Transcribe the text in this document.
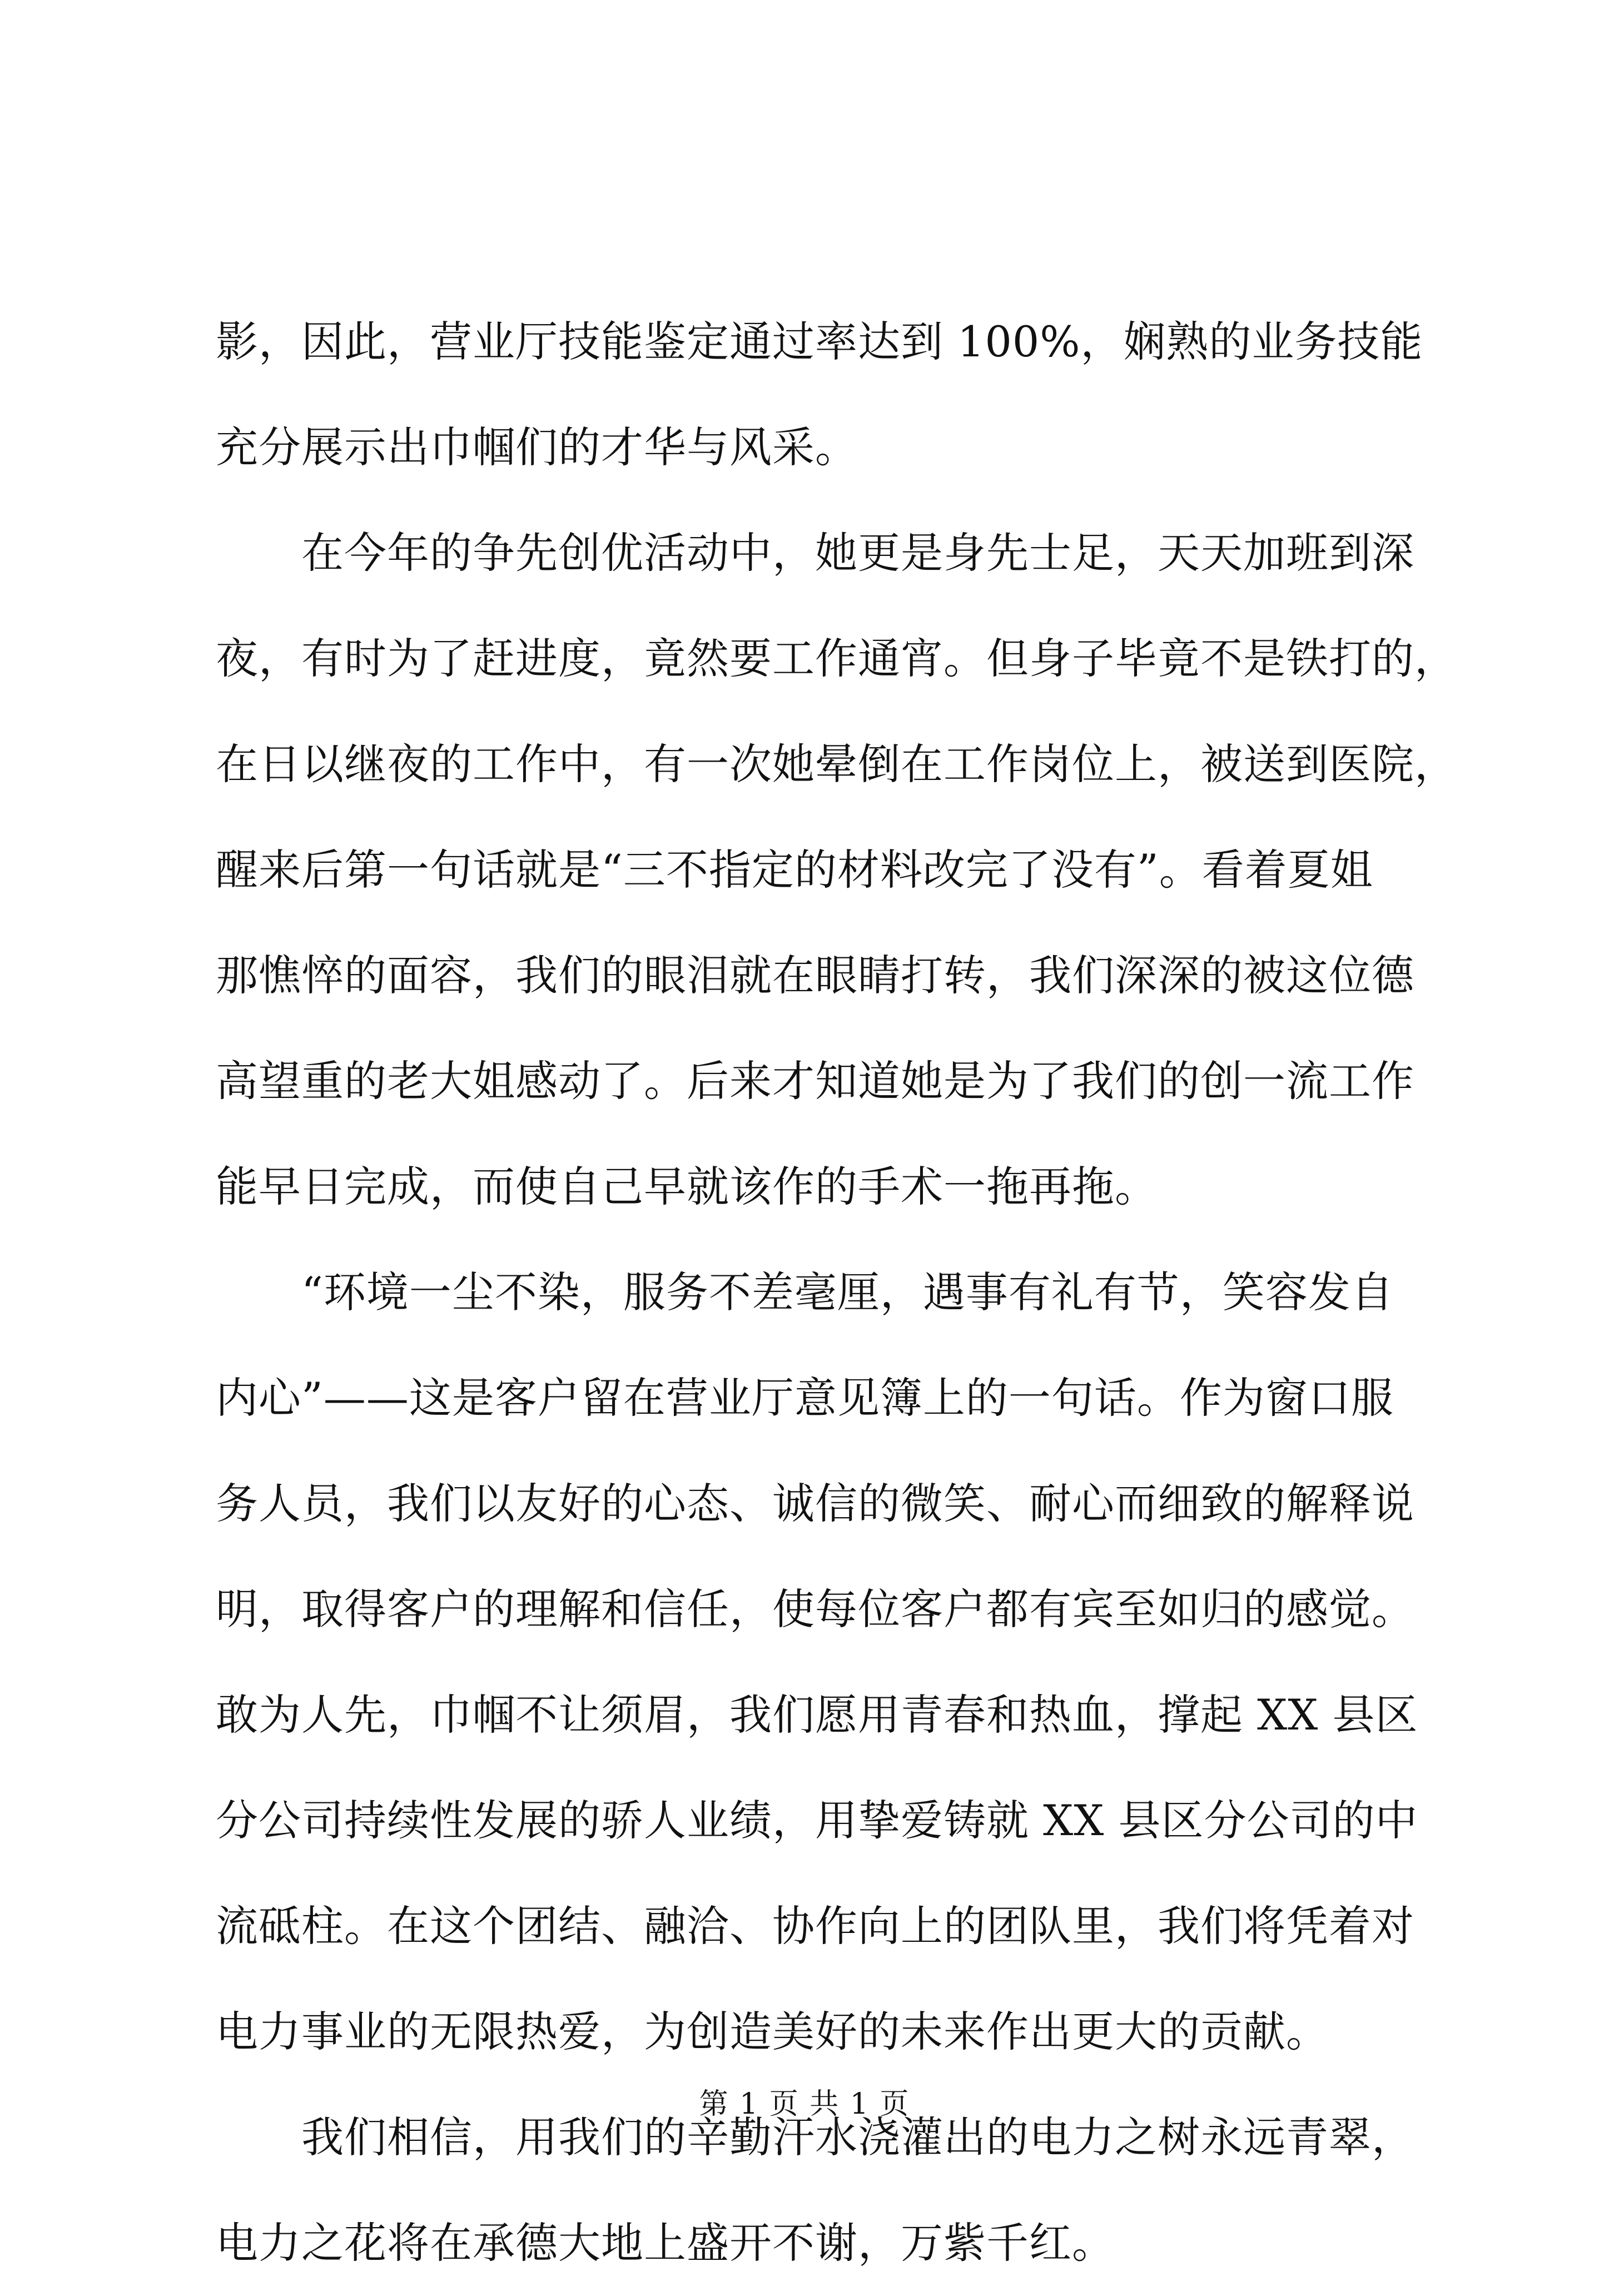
影，因此，营业厅技能鉴定通过率达到 100%，娴熟的业务技能
充分展示出巾帼们的才华与风采。
　　在今年的争先创优活动中，她更是身先士足，天天加班到深
夜，有时为了赶进度，竟然要工作通宵。但身子毕竟不是铁打的，
在日以继夜的工作中，有一次她晕倒在工作岗位上，被送到医院，
醒来后第一句话就是“三不指定的材料改完了没有”。看着夏姐
那憔悴的面容，我们的眼泪就在眼睛打转，我们深深的被这位德
高望重的老大姐感动了。后来才知道她是为了我们的创一流工作
能早日完成，而使自己早就该作的手术一拖再拖。
　　“环境一尘不染，服务不差毫厘，遇事有礼有节，笑容发自
内心”——这是客户留在营业厅意见簿上的一句话。作为窗口服
务人员，我们以友好的心态、诚信的微笑、耐心而细致的解释说
明，取得客户的理解和信任，使每位客户都有宾至如归的感觉。
敢为人先，巾帼不让须眉，我们愿用青春和热血，撑起 XX 县区
分公司持续性发展的骄人业绩，用挚爱铸就 XX 县区分公司的中
流砥柱。在这个团结、融洽、协作向上的团队里，我们将凭着对
电力事业的无限热爱，为创造美好的未来作出更大的贡献。
　　我们相信，用我们的辛勤汗水浇灌出的电力之树永远青翠，
电力之花将在承德大地上盛开不谢，万紫千红。
第 1 页 共 1 页
